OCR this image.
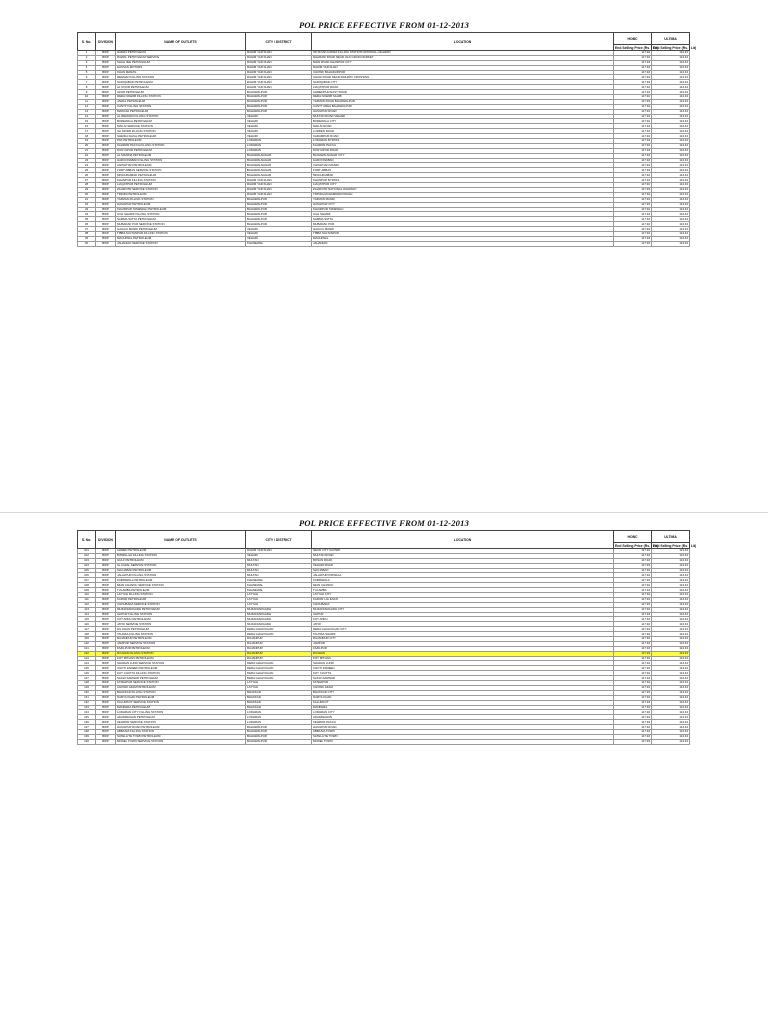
POL PRICE EFFECTIVE FROM 01-12-2013
S. No.	DIVISION	NAME OF OUTLETS	CITY / DISTRICT	LOCATION	HOBC	ULTIMA
					End Selling Price (Rs. / Lit)	End Selling Price (Rs. / Lit)
1	BWP	HAMZA PETROLEUM	RAHIM YAR KHAN	ON ROAD HAMZA FILLING STATION NATIONAL HIGHWAY	117.94	113.43
2	BWP	RAWAL PETROLEUM SERVICE	RAHIM YAR KHAN	DHARANI ROAD NEAR OLD GRAIN MARKET	117.94	113.43
3	BWP	SHAH JEE PETROLEUM	RAHIM YAR KHAN	MAIN ROAD KHANPUR CITY	117.94	113.43
4	BWP	HASSAN MOTORS	RAHIM YAR KHAN	RAHIM YAR KHAN	117.94	113.43
5	BWP	KHAN MANZIL	RAHIM YAR KHAN	CHOWK BAHADURPUR	117.94	113.43
6	BWP	REHMAN FILLING STATION	RAHIM YAR KHAN	SHAHI ROAD NEAR RAILWAY CROSSING	117.94	113.43
7	BWP	SADIQABAD PETROLEUM	RAHIM YAR KHAN	SADIQABAD CITY	117.94	113.43
8	BWP	AL NOOR PETROLEUM	RAHIM YAR KHAN	LIAQATPUR ROAD	117.94	113.43
9	BWP	AZAM PETROLEUM	BAHAWALPUR	AHMEDPUR EAST ROAD	117.94	113.43
10	BWP	DERA NAWAB FILLING STATION	BAHAWALPUR	DERA NAWAB SAHIB	117.94	113.43
11	BWP	JAMAL PETROLEUM	BAHAWALPUR	YAZMAN ROAD BAHAWALPUR	117.94	113.43
12	BWP	CANTT FILLING STATION	BAHAWALPUR	CANTT AREA BAHAWALPUR	117.94	113.43
13	BWP	MAKKAH PETROLEUM	BAHAWALPUR	HASILPUR ROAD	117.94	113.43
14	BWP	AL REHMAN FILLING STATION	VEHARI	MULTAN ROAD VEHARI	117.94	113.43
15	BWP	BUREWALA PETROLEUM	VEHARI	BUREWALA CITY	117.94	113.43
16	BWP	MAILSI SERVICE STATION	VEHARI	MAILSI ROAD	117.94	113.43
17	BWP	ALI MORR FILLING STATION	VEHARI	LUDDEN ROAD	117.94	113.43
18	BWP	SHEIKH FAZAL PETROLEUM	VEHARI	KARAMPUR ROAD	117.94	113.43
19	BWP	PAK PETROLEUM	LODHRAN	LODHRAN BYPASS	117.94	113.43
20	BWP	KAHROR PACCA FILLING STATION	LODHRAN	KAHROR PACCA	117.94	113.43
21	BWP	DUNYAPUR PETROLEUM	LODHRAN	DUNYAPUR ROAD	117.94	113.43
22	BWP	AL MADINA PETROLEUM	BAHAWALNAGAR	BAHAWALNAGAR CITY	117.94	113.43
23	BWP	HAROONABAD FILLING STATION	BAHAWALNAGAR	HAROONABAD	117.94	113.43
24	BWP	CHISHTIAN PETROLEUM	BAHAWALNAGAR	CHISHTIAN MANDI	117.94	113.43
25	BWP	FORT ABBAS SERVICE STATION	BAHAWALNAGAR	FORT ABBAS	117.94	113.43
26	BWP	MINCHINABAD PETROLEUM	BAHAWALNAGAR	MINCHINABAD	117.94	113.43
27	BWP	KHANPUR FILLING STATION	RAHIM YAR KHAN	KHANPUR BYPASS	117.94	113.43
28	BWP	LIAQATPUR PETROLEUM	RAHIM YAR KHAN	LIAQATPUR CITY	117.94	113.43
29	BWP	ZAHIR PIR SERVICE STATION	RAHIM YAR KHAN	ZAHIR PIR NATIONAL HIGHWAY	117.94	113.43
30	BWP	TRINDA PETROLEUM	RAHIM YAR KHAN	TRINDA MUHAMMAD PANAH	117.94	113.43
31	BWP	YAZMAN FILLING STATION	BAHAWALPUR	YAZMAN MANDI	117.94	113.43
32	BWP	HASILPUR PETROLEUM	BAHAWALPUR	HASILPUR CITY	117.94	113.43
33	BWP	KHAIRPUR TAMEWALI PETROLEUM	BAHAWALPUR	KHAIRPUR TAMEWALI	117.94	113.43
34	BWP	UCH SHARIF FILLING STATION	BAHAWALPUR	UCH SHARIF	117.94	113.43
35	BWP	SAMMA SATTA PETROLEUM	BAHAWALPUR	SAMMA SATTA	117.94	113.43
36	BWP	MUBARAK PUR SERVICE STATION	BAHAWALPUR	MUBARAK PUR	117.94	113.43
37	BWP	GAGGO MANDI PETROLEUM	VEHARI	GAGGO MANDI	117.94	113.43
38	BWP	TIBBA SULTANPUR FILLING STATION	VEHARI	TIBBA SULTANPUR	117.94	113.43
39	BWP	MACHIWAL PETROLEUM	VEHARI	MACHIWAL	117.94	113.43
40	BWP	JAHANIAN SERVICE STATION	KHANEWAL	JAHANIAN	117.94	113.43
POL PRICE EFFECTIVE FROM 01-12-2013
S. No.	DIVISION	NAME OF OUTLETS	CITY / DISTRICT	LOCATION	HOBC	ULTIMA
					End Selling Price (Rs. / Lit)	End Selling Price (Rs. / Lit)
101	BWP	AHMED PETROLEUM	RAHIM YAR KHAN	NEAR CITY CHOWK	117.94	113.43
102	BWP	BISMILLAH FILLING STATION	VEHARI	MULTAN ROAD	117.94	113.43
103	BWP	GULF PETROLEUM	MULTAN	BOSAN ROAD	117.94	113.43
104	BWP	AL FAZAL SERVICE STATION	MULTAN	VEHARI ROAD	117.94	113.43
105	BWP	SHUJABAD PETROLEUM	MULTAN	SHUJABAD	117.94	113.43
106	BWP	JALALPUR FILLING STATION	MULTAN	JALALPUR PIRWALA	117.94	113.43
107	BWP	KABIRWALA PETROLEUM	KHANEWAL	KABIRWALA	117.94	113.43
108	BWP	MIAN CHANNU SERVICE STATION	KHANEWAL	MIAN CHANNU	117.94	113.43
109	BWP	TULAMBA PETROLEUM	KHANEWAL	TULAMBA	117.94	113.43
110	BWP	LAYYAH FILLING STATION	LAYYAH	LAYYAH CITY	117.94	113.43
111	BWP	KAROR PETROLEUM	LAYYAH	KAROR LAL ESAN	117.94	113.43
112	BWP	CHOUBARA SERVICE STATION	LAYYAH	CHOUBARA	117.94	113.43
113	BWP	MUZAFFARGARH PETROLEUM	MUZAFFARGARH	MUZAFFARGARH CITY	117.94	113.43
114	BWP	ALIPUR FILLING STATION	MUZAFFARGARH	ALIPUR	117.94	113.43
115	BWP	KOT ADDU PETROLEUM	MUZAFFARGARH	KOT ADDU	117.94	113.43
116	BWP	JATOI SERVICE STATION	MUZAFFARGARH	JATOI	117.94	113.43
117	BWP	DG KHAN PETROLEUM	DERA GHAZI KHAN	DERA GHAZI KHAN CITY	117.94	113.43
118	BWP	TAUNSA FILLING STATION	DERA GHAZI KHAN	TAUNSA SHARIF	117.94	113.43
119	BWP	RAJANPUR PETROLEUM	RAJANPUR	RAJANPUR CITY	117.94	113.43
120	BWP	JAMPUR SERVICE STATION	RAJANPUR	JAMPUR	117.94	113.43
121	BWP	FAZILPUR PETROLEUM	RAJANPUR	FAZILPUR	117.94	113.43
122	BWP	ROJHAN FILLING STATION	RAJANPUR	ROJHAN	117.94	113.43
123	BWP	KOT MITHAN PETROLEUM	RAJANPUR	KOT MITHAN	117.94	113.43
124	BWP	SHADAN LUND SERVICE STATION	DERA GHAZI KHAN	SHADAN LUND	117.94	113.43
125	BWP	CHOTI ZAREEN PETROLEUM	DERA GHAZI KHAN	CHOTI ZAREEN	117.94	113.43
126	BWP	KOT CHUTTA FILLING STATION	DERA GHAZI KHAN	KOT CHUTTA	117.94	113.43
127	BWP	SAKHI SARWAR PETROLEUM	DERA GHAZI KHAN	SAKHI SARWAR	117.94	113.43
128	BWP	FATEHPUR SERVICE STATION	LAYYAH	FATEHPUR	117.94	113.43
129	BWP	CHOWK AZAM PETROLEUM	LAYYAH	CHOWK AZAM	117.94	113.43
130	BWP	BHAKKAR FILLING STATION	BHAKKAR	BHAKKAR CITY	117.94	113.43
131	BWP	DARYA KHAN PETROLEUM	BHAKKAR	DARYA KHAN	117.94	113.43
132	BWP	KALURKOT SERVICE STATION	BHAKKAR	KALURKOT	117.94	113.43
133	BWP	MANKERA PETROLEUM	BHAKKAR	MANKERA	117.94	113.43
134	BWP	LODHRAN CITY FILLING STATION	LODHRAN	LODHRAN CITY	117.94	113.43
135	BWP	ADAMWAHAN PETROLEUM	LODHRAN	ADAMWAHAN	117.94	113.43
136	BWP	KEHROR SERVICE STATION	LODHRAN	KEHROR PACCA	117.94	113.43
137	BWP	HASILPUR ROAD PETROLEUM	BAHAWALPUR	HASILPUR ROAD	117.94	113.43
138	BWP	ABBASIA FILLING STATION	BAHAWALPUR	ABBASIA TOWN	117.94	113.43
139	BWP	SATELLITE TOWN PETROLEUM	BAHAWALPUR	SATELLITE TOWN	117.94	113.43
140	BWP	MODEL TOWN SERVICE STATION	BAHAWALPUR	MODEL TOWN	117.94	113.43
